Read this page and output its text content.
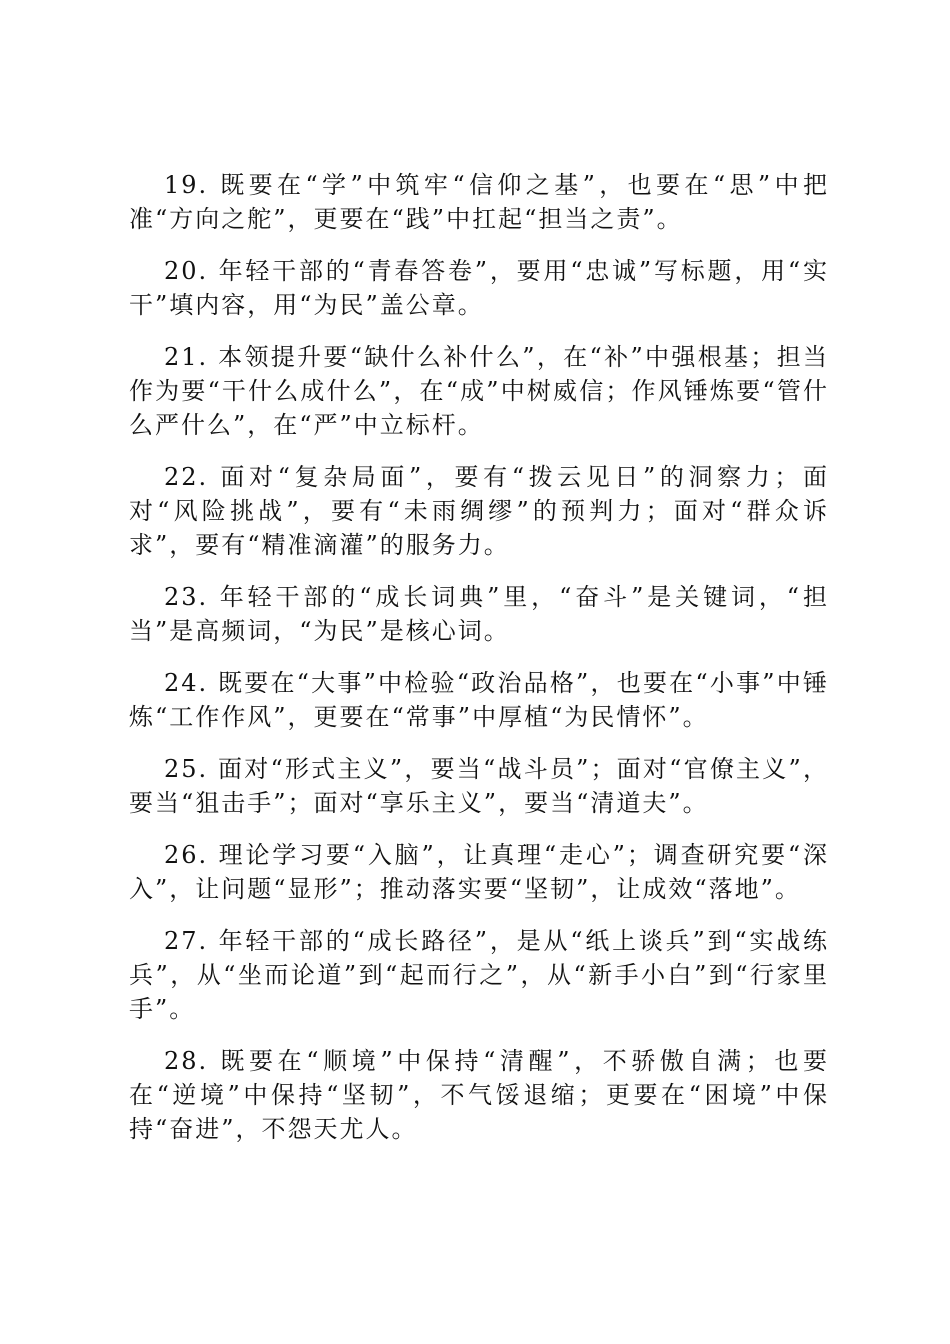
19. 既要在“学”中筑牢“信仰之基”，也要在“思”中把准“方向之舵”，更要在“践”中扛起“担当之责”。

20. 年轻干部的“青春答卷”，要用“忠诚”写标题，用“实干”填内容，用“为民”盖公章。

21. 本领提升要“缺什么补什么”，在“补”中强根基；担当作为要“干什么成什么”，在“成”中树威信；作风锤炼要“管什么严什么”，在“严”中立标杆。

22. 面对“复杂局面”，要有“拨云见日”的洞察力；面对“风险挑战”，要有“未雨绸缪”的预判力；面对“群众诉求”，要有“精准滴灌”的服务力。

23. 年轻干部的“成长词典”里，“奋斗”是关键词，“担当”是高频词，“为民”是核心词。

24. 既要在“大事”中检验“政治品格”，也要在“小事”中锤炼“工作作风”，更要在“常事”中厚植“为民情怀”。

25. 面对“形式主义”，要当“战斗员”；面对“官僚主义”，要当“狙击手”；面对“享乐主义”，要当“清道夫”。

26. 理论学习要“入脑”，让真理“走心”；调查研究要“深入”，让问题“显形”；推动落实要“坚韧”，让成效“落地”。

27. 年轻干部的“成长路径”，是从“纸上谈兵”到“实战练兵”，从“坐而论道”到“起而行之”，从“新手小白”到“行家里手”。

28. 既要在“顺境”中保持“清醒”，不骄傲自满；也要在“逆境”中保持“坚韧”，不气馁退缩；更要在“困境”中保持“奋进”，不怨天尤人。
